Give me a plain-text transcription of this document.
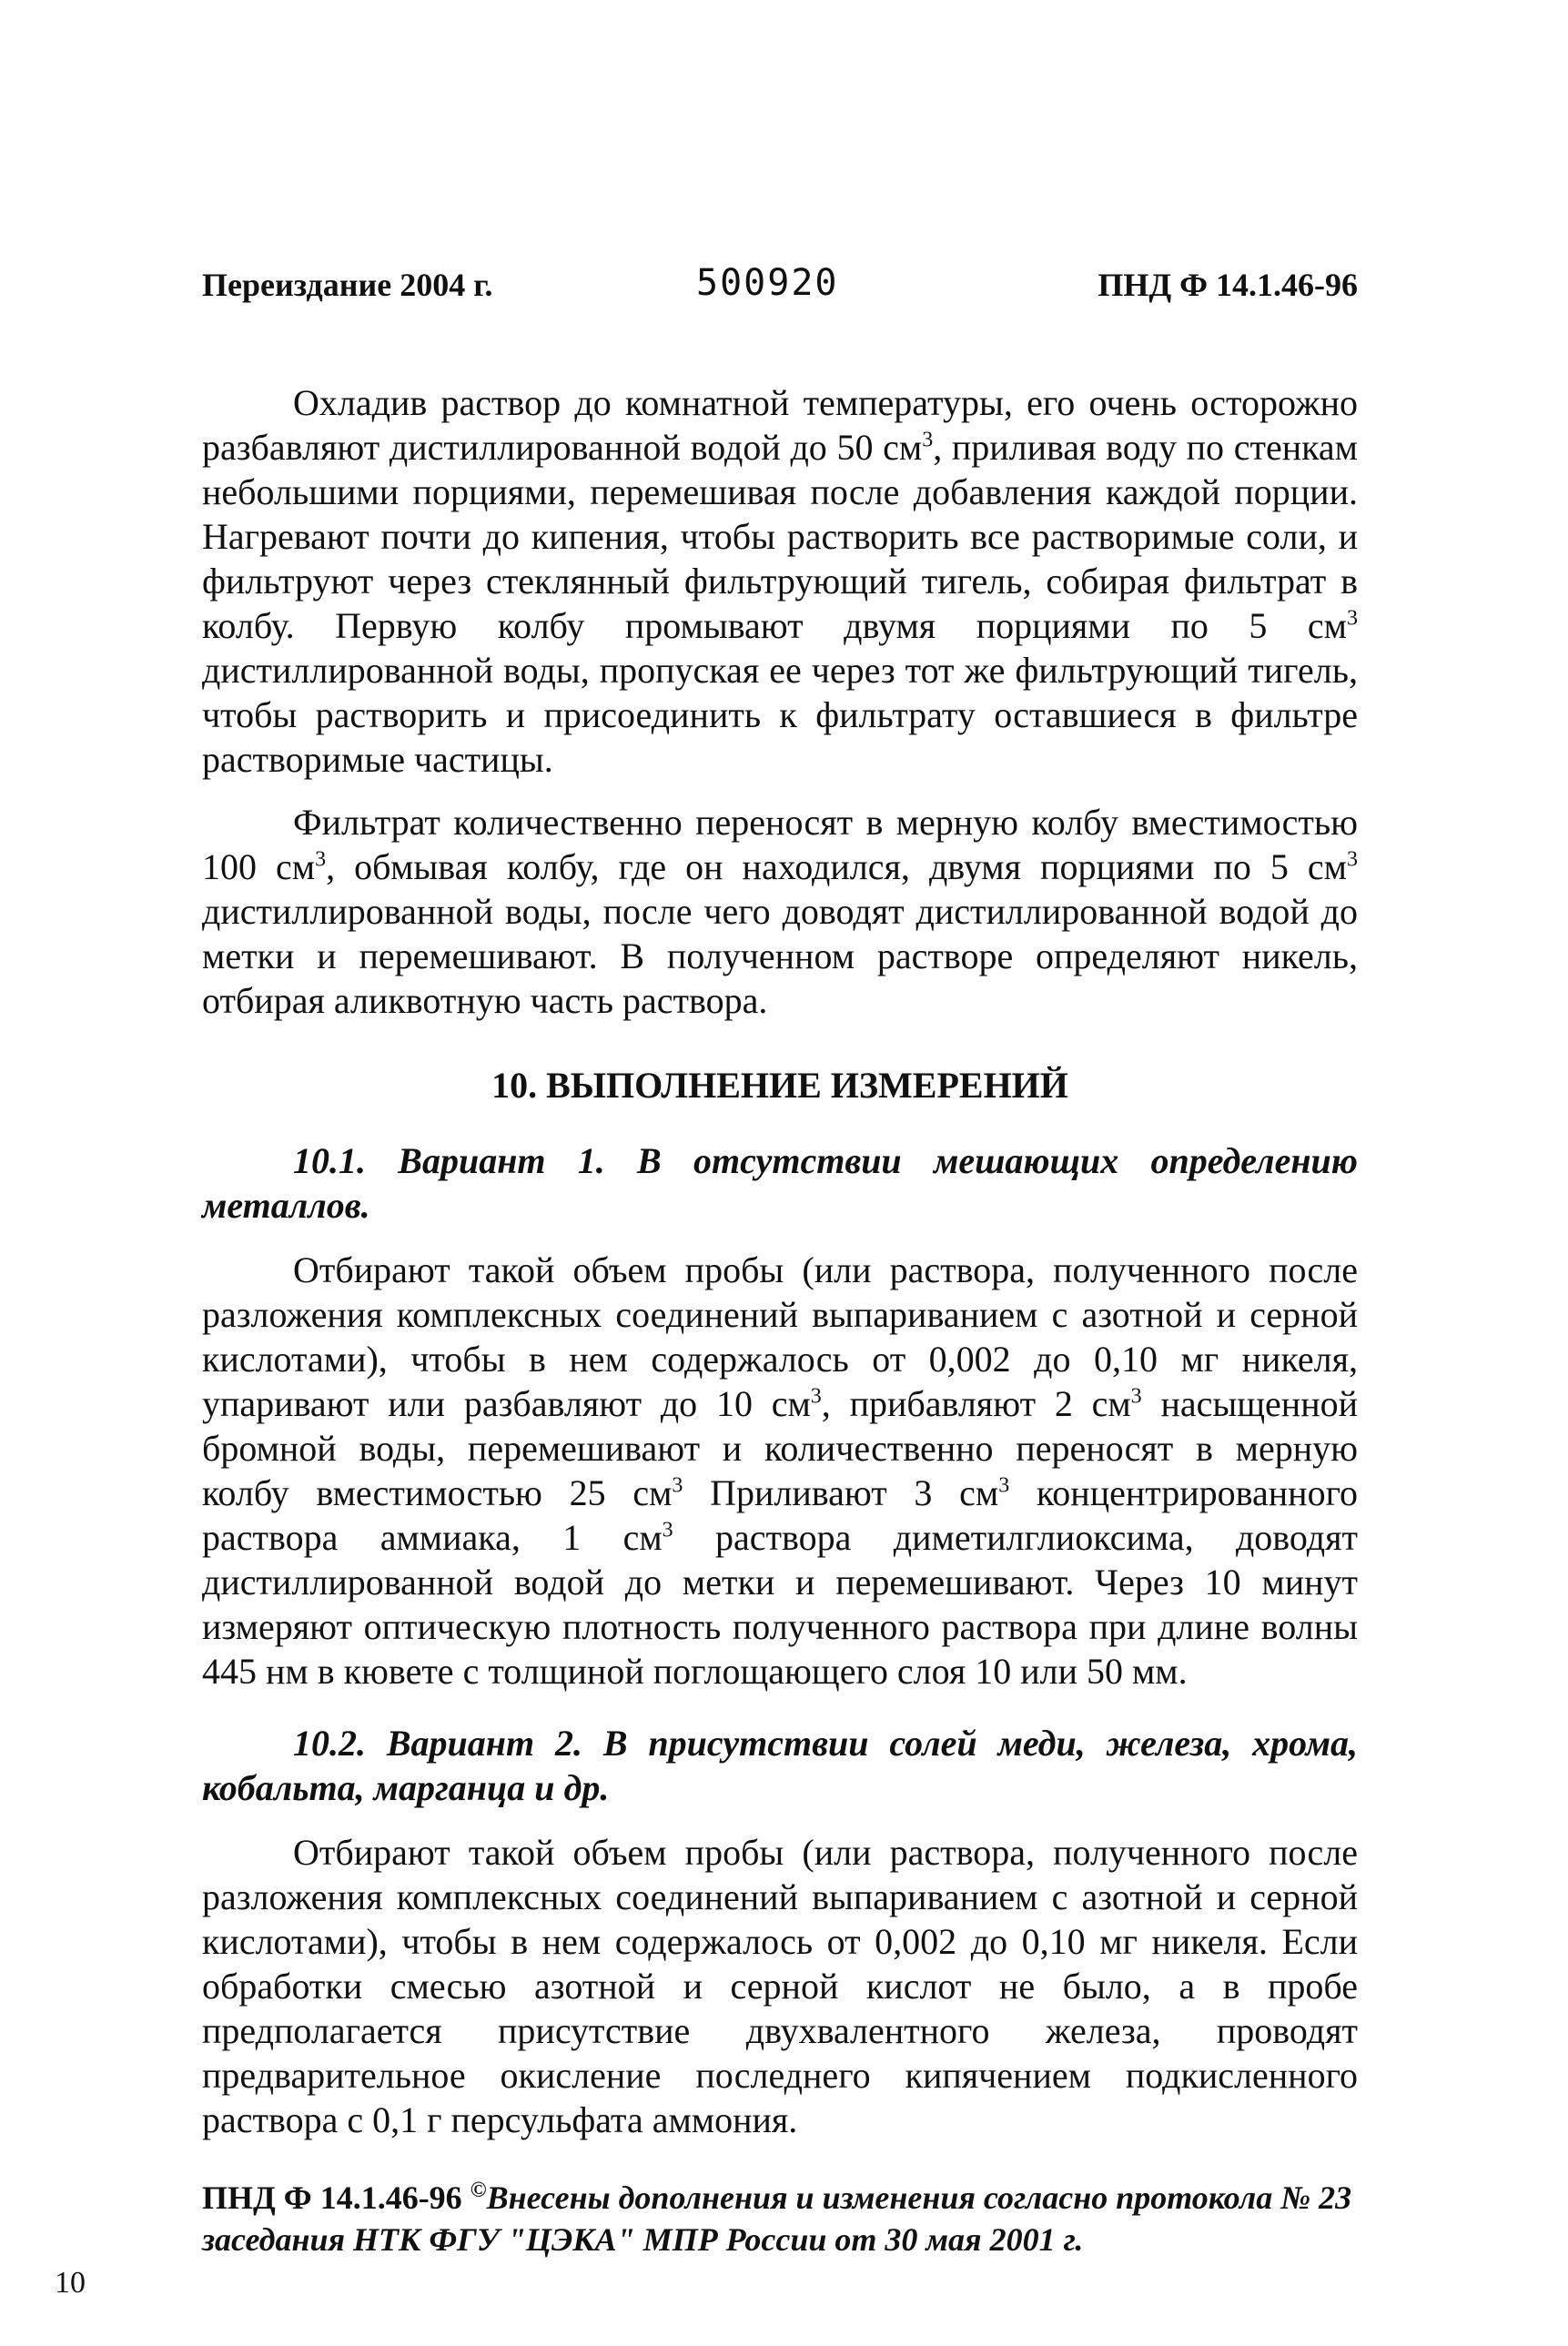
Переиздание 2004 г.	500920	ПНД Ф 14.1.46-96

Охладив раствор до комнатной температуры, его очень осторожно разбавляют дистиллированной водой до 50 $см^3$, приливая воду по стенкам небольшими порциями, перемешивая после добавления каждой порции. Нагревают почти до кипения, чтобы растворить все растворимые соли, и фильтруют через стеклянный фильтрующий тигель, собирая фильтрат в колбу. Первую колбу промывают двумя порциями по 5 $см^3$ дистиллированной воды, пропуская ее через тот же фильтрующий тигель, чтобы растворить и присоединить к фильтрату оставшиеся в фильтре растворимые частицы.

Фильтрат количественно переносят в мерную колбу вместимостью 100 $см^3$, обмывая колбу, где он находился, двумя порциями по 5 $см^3$ дистиллированной воды, после чего доводят дистиллированной водой до метки и перемешивают. В полученном растворе определяют никель, отбирая аликвотную часть раствора.

10. ВЫПОЛНЕНИЕ ИЗМЕРЕНИЙ

10.1. Вариант 1. В отсутствии мешающих определению металлов.

Отбирают такой объем пробы (или раствора, полученного после разложения комплексных соединений выпариванием с азотной и серной кислотами), чтобы в нем содержалось от 0,002 до 0,10 мг никеля, упаривают или разбавляют до 10 $см^3$, прибавляют 2 $см^3$ насыщенной бромной воды, перемешивают и количественно переносят в мерную колбу вместимостью 25 $см^3$ Приливают 3 $см^3$ концентрированного раствора аммиака, 1 $см^3$ раствора диметилглиоксима, доводят дистиллированной водой до метки и перемешивают. Через 10 минут измеряют оптическую плотность полученного раствора при длине волны 445 нм в кювете с толщиной поглощающего слоя 10 или 50 мм.

10.2. Вариант 2. В присутствии солей меди, железа, хрома, кобальта, марганца и др.

Отбирают такой объем пробы (или раствора, полученного после разложения комплексных соединений выпариванием с азотной и серной кислотами), чтобы в нем содержалось от 0,002 до 0,10 мг никеля. Если обработки смесью азотной и серной кислот не было, а в пробе предполагается присутствие двухвалентного железа, проводят предварительное окисление последнего кипячением подкисленного раствора с 0,1 г персульфата аммония.

ПНД Ф 14.1.46-96 ©Внесены дополнения и изменения согласно протокола № 23 заседания НТК ФГУ "ЦЭКА" МПР России от 30 мая 2001 г.
10
